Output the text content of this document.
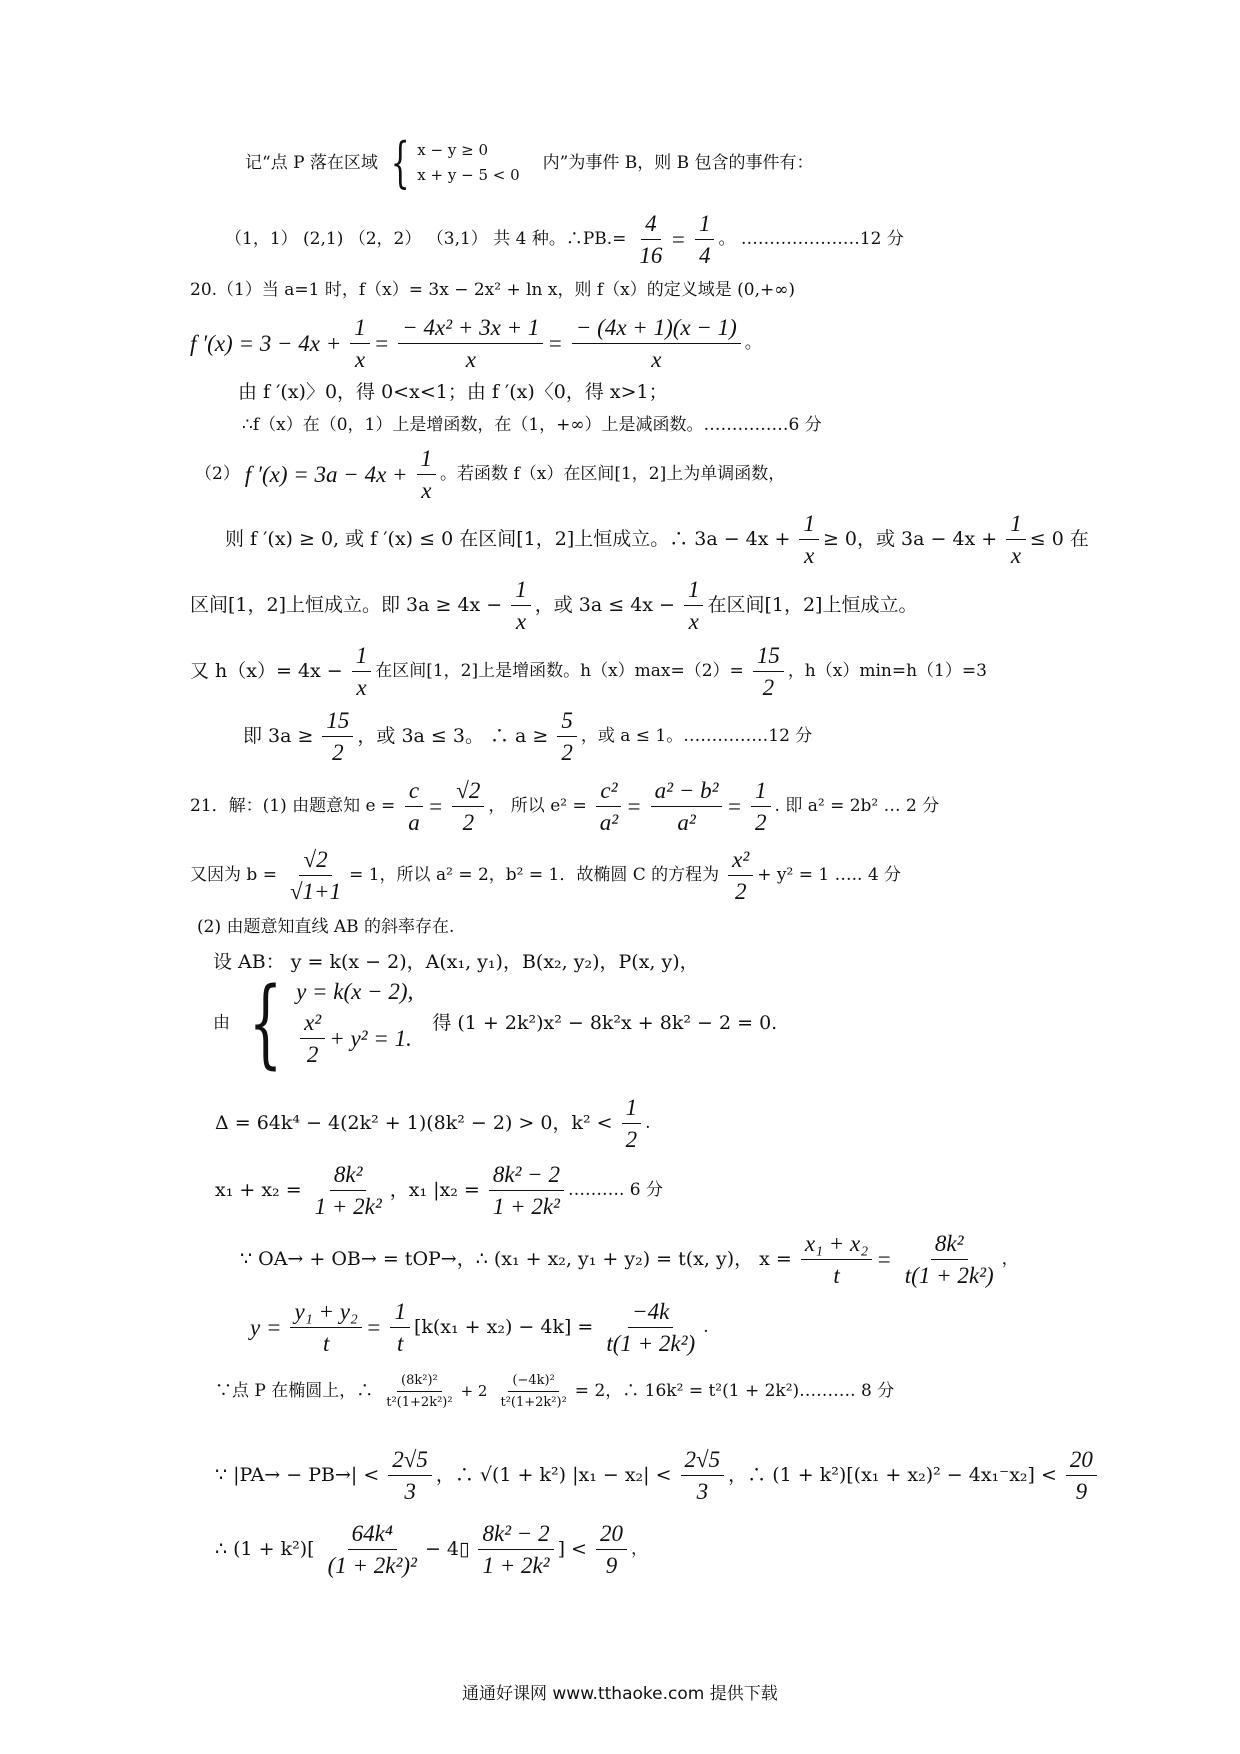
记“点 P 落在区域 { x − y ≥ 0
x + y − 5 < 0
内”为事件 B，则 B 包含的事件有：
（1，1） (2,1) （2，2） （3,1） 共 4 种。∴PB.= $\frac{4}{16} = \frac{1}{4}$ 。 …………………12 分
20.（1）当 a=1 时，f（x）= 3x − 2x² + ln x，则 f（x）的定义域是 (0,+∞)
f $'(x) = 3 - 4x + \frac{1}{x} = \frac{\text{− 4x² + 3x + 1}}{x} = \frac{- (4x + 1)(x - 1)}{x}$ 。
由 f ′(x)〉0，得 0<x<1；由 f ′(x)〈0，得 x>1；
∴f（x）在（0，1）上是增函数，在（1，+∞）上是减函数。……………6 分
（2） f $'(x) = 3a - 4x + \frac{1}{x}$ 。若函数 f（x）在区间[1，2]上为单调函数，
则 f ′(x) ≥ 0, 或 f ′(x) ≤ 0 在区间[1，2]上恒成立。∴ $3a - 4x + \frac{1}{x} \ge 0$，或 $3a - 4x + \frac{1}{x} \le 0$ 在
区间[1，2]上恒成立。即 $3a \ge 4x - \frac{1}{x}$ ，或 $3a \le 4x - \frac{1}{x}$ 在区间[1，2]上恒成立。
又 $h(x)= 4x - \frac{1}{x}$ 在区间[1，2]上是增函数。$h(x)\max=(2)= \frac{15}{2}$ ，h（x）min=h（1）=3
即 $3a \ge \frac{15}{2}$ ，或 3a ≤ 3。 ∴ $a \ge \frac{5}{2}$ ，或 a ≤ 1。……………12 分
21．解：(1) 由题意知 $e = \frac{c}{a} = \frac{√2}{2}$ ， 所以 $e^2 = \frac{\text{c²}}{\text{a²}} = \frac{\text{a² − b²}}{\text{a²}} = \frac{1}{2}$ . 即 a² = 2b² … 2 分
又因为 $b = \frac{√2}{√1+1} = 1$，所以 a² = 2，b² = 1．故椭圆 C 的方程为 $\frac{\text{x²}}{2} + y^2 = 1$ ….. 4 分
(2) 由题意知直线 AB 的斜率存在.
设 AB： y = k(x − 2)，A(x₁, y₁)，B(x₂, y₂)，P(x, y)，
由 { y = k(x − 2),
$\frac{\text{x²}}{2} + y^2 = 1$.
得 (1 + 2k²)x² − 8k²x + 8k² − 2 = 0.
Δ = 64k⁴ − 4(2k² + 1)(8k² − 2) > 0，$k^2 < \frac{1}{2}$ .
$x_1 + x_2 = \frac{\text{8k²}}{\text{1 + 2k²}}$ ，x₁ $|x_2 = \frac{\text{8k² − 2}}{\text{1 + 2k²}}$ ………. 6 分
∵ OA→ + OB→ = tOP→，∴ (x₁ + x₂, y₁ + y₂) = t(x, y)， $x = \frac{\text{x₁ + x₂}}{t} = \frac{\text{8k²}}{\text{t(1 + 2k²)}}$ ，
$y = \frac{\text{y₁ + y₂}}{t} = \frac{1}{t} [k(x_1 + x_2) - 4k] = \frac{-4k}{\text{t(1 + 2k²)}}$ .
∵点 P 在椭圆上，∴ $\frac{\text{(8k²)²}}{\text{t²(1+2k²)²}} + 2 \frac{\text{(−4k)²}}{\text{t²(1+2k²)²}} = 2$，∴ 16k² = t²(1 + 2k²)………. 8 分
∵ $|PA\to - PB\to| < \frac{2√5}{3}$ ，∴ √(1 + k²) $|x_1 - x_2| < \frac{2√5}{3}$ ，∴ $(1 + k^2)[(x_1 + x_2)^2 - 4x_1^-x_2] < \frac{20}{9}$
∴ $(1 + k^2)[ \frac{\text{64k⁴}}{\text{(1 + 2k²)²}}$ − 4▯ $\frac{\text{8k² − 2}}{\text{1 + 2k²}}$ ] < $\frac{20}{9}$ ，
通通好课网 www.tthaoke.com 提供下载
